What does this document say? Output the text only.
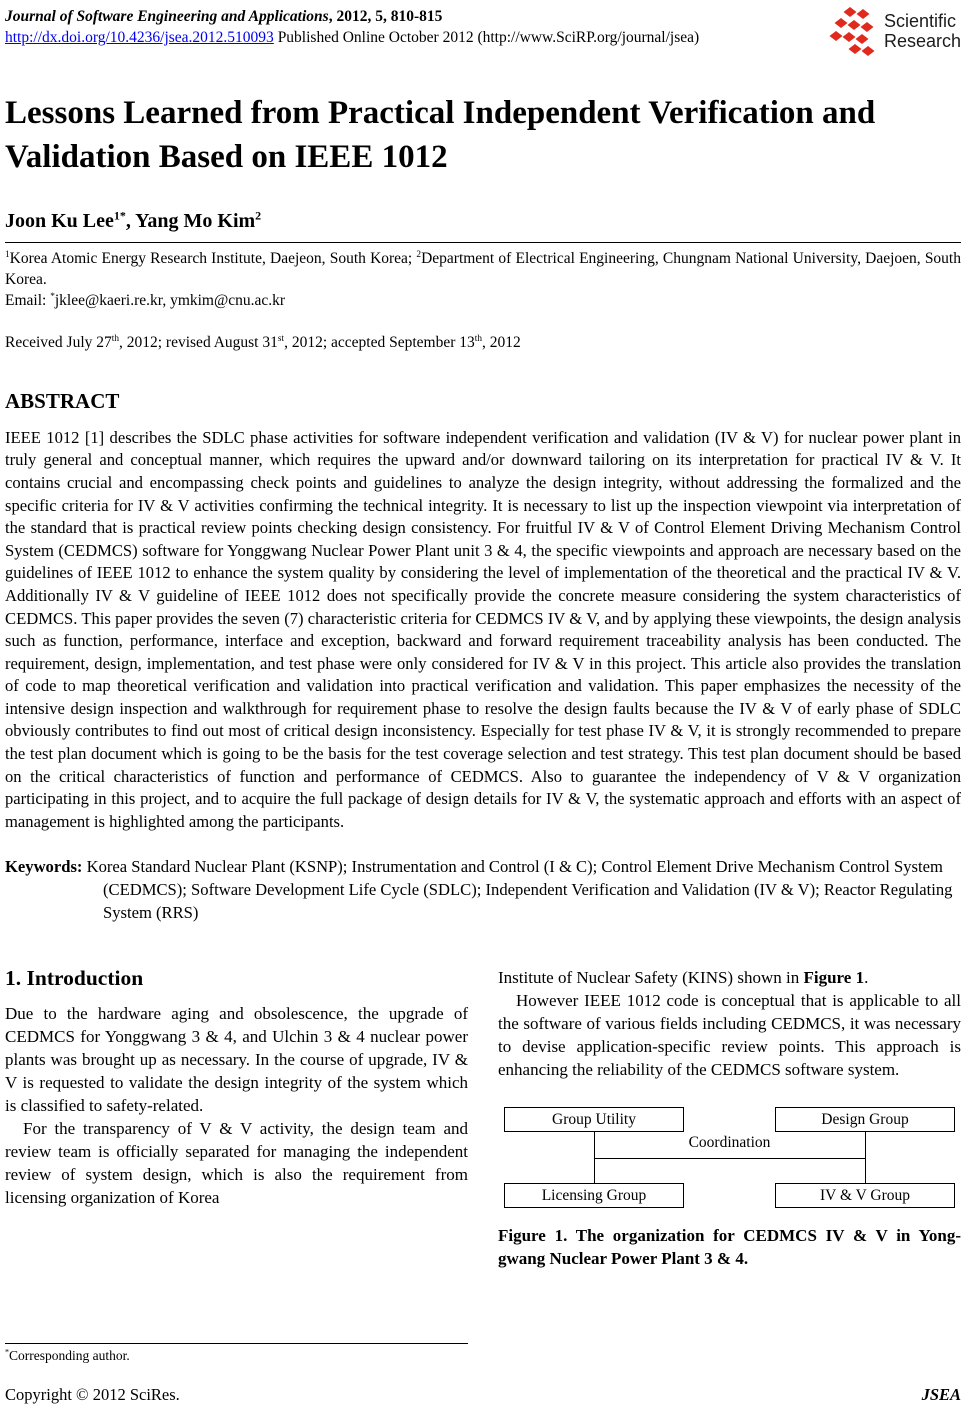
Journal of Software Engineering and Applications, 2012, 5, 810-815
http://dx.doi.org/10.4236/jsea.2012.510093 Published Online October 2012 (http://www.SciRP.org/journal/jsea)
Scientific
Research
Lessons Learned from Practical Independent Verification and Validation Based on IEEE 1012
Joon Ku Lee$^{1*}$, Yang Mo Kim$^2$
$^1$Korea Atomic Energy Research Institute, Daejeon, South Korea; $^2$Department of Electrical Engineering, Chungnam National University, Daejoen, South Korea.
Email: *jklee@kaeri.re.kr, ymkim@cnu.ac.kr
Received July 27th, 2012; revised August 31st, 2012; accepted September 13th, 2012
ABSTRACT

IEEE 1012 [1] describes the SDLC phase activities for software independent verification and validation (IV & V) for nuclear power plant in truly general and conceptual manner, which requires the upward and/or downward tailoring on its interpretation for practical IV & V. It contains crucial and encompassing check points and guidelines to analyze the design integrity, without addressing the formalized and the specific criteria for IV & V activities confirming the technical integrity. It is necessary to list up the inspection viewpoint via interpretation of the standard that is practical review points checking design consistency. For fruitful IV & V of Control Element Driving Mechanism Control System (CEDMCS) software for Yonggwang Nuclear Power Plant unit 3 & 4, the specific viewpoints and approach are necessary based on the guidelines of IEEE 1012 to enhance the system quality by considering the level of implementation of the theoretical and the practical IV & V. Additionally IV & V guideline of IEEE 1012 does not specifically provide the concrete measure considering the system characteristics of CEDMCS. This paper provides the seven (7) characteristic criteria for CEDMCS IV & V, and by applying these viewpoints, the design analysis such as function, performance, interface and exception, backward and forward requirement traceability analysis has been conducted. The requirement, design, implementation, and test phase were only considered for IV & V in this project. This article also provides the translation of code to map theoretical verification and validation into practical verification and validation. This paper emphasizes the necessity of the intensive design inspection and walkthrough for requirement phase to resolve the design faults because the IV & V of early phase of SDLC obviously contributes to find out most of critical design inconsistency. Especially for test phase IV & V, it is strongly recommended to prepare the test plan document which is going to be the basis for the test coverage selection and test strategy. This test plan document should be based on the critical characteristics of function and performance of CEDMCS. Also to guarantee the independency of V & V organization participating in this project, and to acquire the full package of design details for IV & V, the systematic approach and efforts with an aspect of management is highlighted among the participants.

Keywords: Korea Standard Nuclear Plant (KSNP); Instrumentation and Control (I & C); Control Element Drive Mechanism Control System (CEDMCS); Software Development Life Cycle (SDLC); Independent Verification and Validation (IV & V); Reactor Regulating System (RRS)

1. Introduction

Due to the hardware aging and obsolescence, the upgrade of CEDMCS for Yonggwang 3 & 4, and Ulchin 3 & 4 nuclear power plants was brought up as necessary. In the course of upgrade, IV & V is requested to validate the design integrity of the system which is classified to safety-related.

For the transparency of V & V activity, the design team and review team is officially separated for managing the independent review of system design, which is also the requirement from licensing organization of Korea

*Corresponding author.

Institute of Nuclear Safety (KINS) shown in Figure 1.

However IEEE 1012 code is conceptual that is applicable to all the software of various fields including CEDMCS, it was necessary to devise application-specific review points. This approach is enhancing the reliability of the CEDMCS software system.

Group Utility	Design Group
Coordination
Licensing Group	IV & V Group

Figure 1. The organization for CEDMCS IV & V in Yong-gwang Nuclear Power Plant 3 & 4.

Copyright © 2012 SciRes.	JSEA
